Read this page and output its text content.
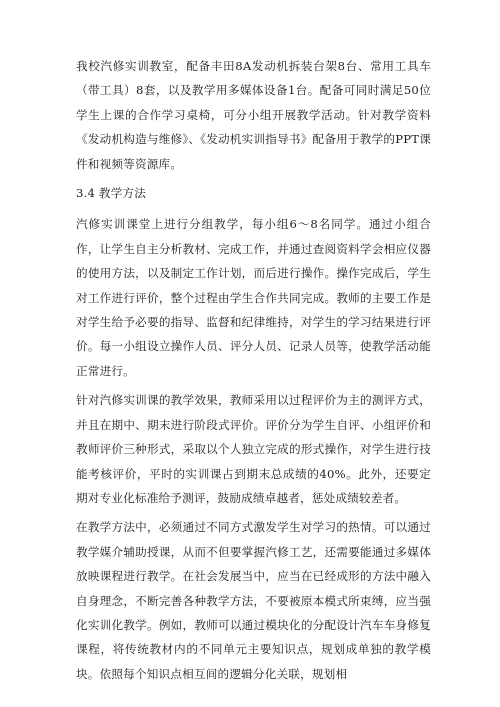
我校汽修实训教室，配备丰田8A发动机拆装台架8台、常用工具车（带工具）8套，以及教学用多媒体设备1台。配备可同时满足50位学生上课的合作学习桌椅，可分小组开展教学活动。针对教学资料《发动机构造与维修》、《发动机实训指导书》配备用于教学的PPT课件和视频等资源库。

3.4 教学方法

汽修实训课堂上进行分组教学，每小组6～8名同学。通过小组合作，让学生自主分析教材、完成工作，并通过查阅资料学会相应仪器的使用方法，以及制定工作计划，而后进行操作。操作完成后，学生对工作进行评价，整个过程由学生合作共同完成。教师的主要工作是对学生给予必要的指导、监督和纪律维持，对学生的学习结果进行评价。每一小组设立操作人员、评分人员、记录人员等，使教学活动能正常进行。

针对汽修实训课的教学效果，教师采用以过程评价为主的测评方式，并且在期中、期末进行阶段式评价。评价分为学生自评、小组评价和教师评价三种形式，采取以个人独立完成的形式操作，对学生进行技能考核评价，平时的实训课占到期末总成绩的40%。此外，还要定期对专业化标准给予测评，鼓励成绩卓越者，惩处成绩较差者。

在教学方法中，必须通过不同方式激发学生对学习的热情。可以通过教学媒介辅助授课，从而不但要掌握汽修工艺，还需要能通过多媒体放映课程进行教学。在社会发展当中，应当在已经成形的方法中融入自身理念，不断完善各种教学方法，不要被原本模式所束缚，应当强化实训化教学。例如，教师可以通过模块化的分配设计汽车车身修复课程，将传统教材内的不同单元主要知识点，规划成单独的教学模块。依照每个知识点相互间的逻辑分化关联，规划相
